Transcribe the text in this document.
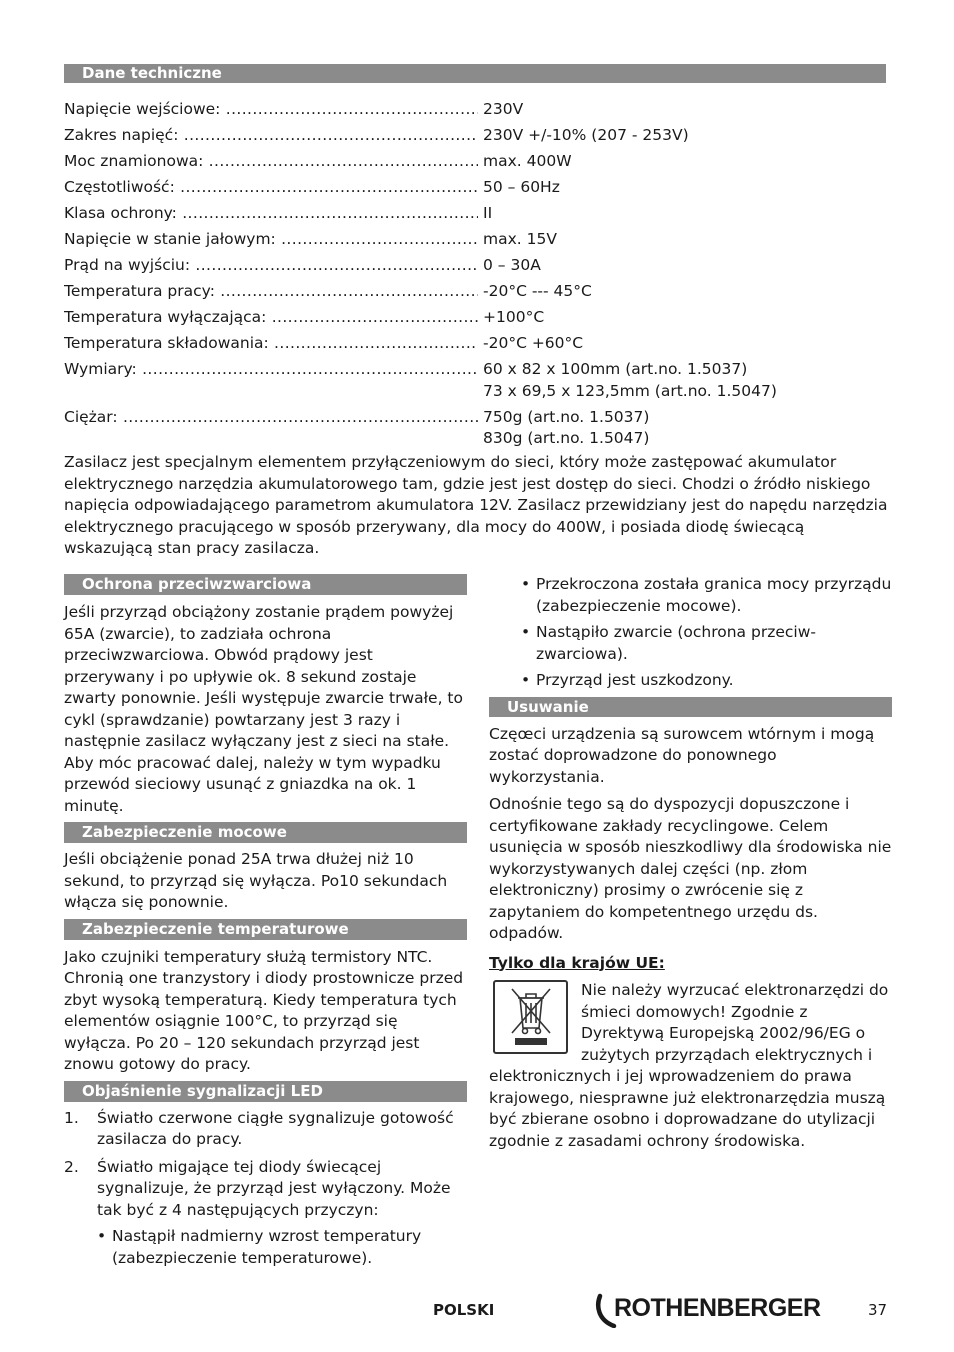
Dane techniczne
Napięcie wejściowe: .....	230V
Zakres napięć: .....	230V +/-10% (207 - 253V)
Moc znamionowa: .....	max. 400W
Częstotliwość: .....	50 – 60Hz
Klasa ochrony: .....	II
Napięcie w stanie jałowym: .....	max. 15V
Prąd na wyjściu: .....	0 – 30A
Temperatura pracy: .....	-20°C --- 45°C
Temperatura wyłączająca: .....	+100°C
Temperatura składowania: .....	-20°C +60°C
Wymiary: .....	60 x 82 x 100mm (art.no. 1.5037)
73 x 69,5 x 123,5mm (art.no. 1.5047)
Ciężar: .....	750g (art.no. 1.5037)
830g (art.no. 1.5047)

Zasilacz jest specjalnym elementem przyłączeniowym do sieci, który może zastępować akumulator elektrycznego narzędzia akumulatorowego tam, gdzie jest jest dostęp do sieci. Chodzi o źródło niskiego napięcia odpowiadającego parametrom akumulatora 12V. Zasilacz przewidziany jest do napędu narzędzia elektrycznego pracującego w sposób przerywany, dla mocy do 400W, i posiada diodę świecącą wskazującą stan pracy zasilacza.

Ochrona przeciwzwarciowa

Jeśli przyrząd obciążony zostanie prądem powyżej 65A (zwarcie), to zadziała ochrona przeciwzwarciowa. Obwód prądowy jest przerywany i po upływie ok. 8 sekund zostaje zwarty ponownie. Jeśli występuje zwarcie trwałe, to cykl (sprawdzanie) powtarzany jest 3 razy i następnie zasilacz wyłączany jest z sieci na stałe. Aby móc pracować dalej, należy w tym wypadku przewód sieciowy usunąć z gniazdka na ok. 1 minutę.

Zabezpieczenie mocowe

Jeśli obciążenie ponad 25A trwa dłużej niż 10 sekund, to przyrząd się wyłącza. Po10 sekundach włącza się ponownie.

Zabezpieczenie temperaturowe

Jako czujniki temperatury służą termistory NTC. Chronią one tranzystory i diody prostownicze przed zbyt wysoką temperaturą. Kiedy temperatura tych elementów osiągnie 100°C, to przyrząd się wyłącza. Po 20 – 120 sekundach przyrząd jest znowu gotowy do pracy.

Objaśnienie sygnalizacji LED
1. Światło czerwone ciągłe sygnalizuje gotowość zasilacza do pracy.
2. Światło migające tej diody świecącej sygnalizuje, że przyrząd jest wyłączony. Może tak być z 4 następujących przyczyn:
• Nastąpił nadmierny wzrost temperatury (zabezpieczenie temperaturowe).
• Przekroczona została granica mocy przyrządu (zabezpieczenie mocowe).
• Nastąpiło zwarcie (ochrona przeciw-zwarciowa).
• Przyrząd jest uszkodzony.
Usuwanie

Częœci urządzenia są surowcem wtórnym i mogą zostać doprowadzone do ponownego wykorzystania.

Odnośnie tego są do dyspozycji dopuszczone i certyfikowane zakłady recyclingowe. Celem usunięcia w sposób nieszkodliwy dla środowiska nie wykorzystywanych dalej części (np. złom elektroniczny) prosimy o zwrócenie się z zapytaniem do kompetentnego urzędu ds. odpadów.

Tylko dla krajów UE:

Nie należy wyrzucać elektronarzędzi do śmieci domowych! Zgodnie z Dyrektywą Europejską 2002/96/EG o zużytych przyrządach elektrycznych i elektronicznych i jej wprowadzeniem do prawa krajowego, niesprawne już elektronarzędzia muszą być zbierane osobno i doprowadzane do utylizacji zgodnie z zasadami ochrony środowiska.

POLSKI	ROTHENBERGER	37
